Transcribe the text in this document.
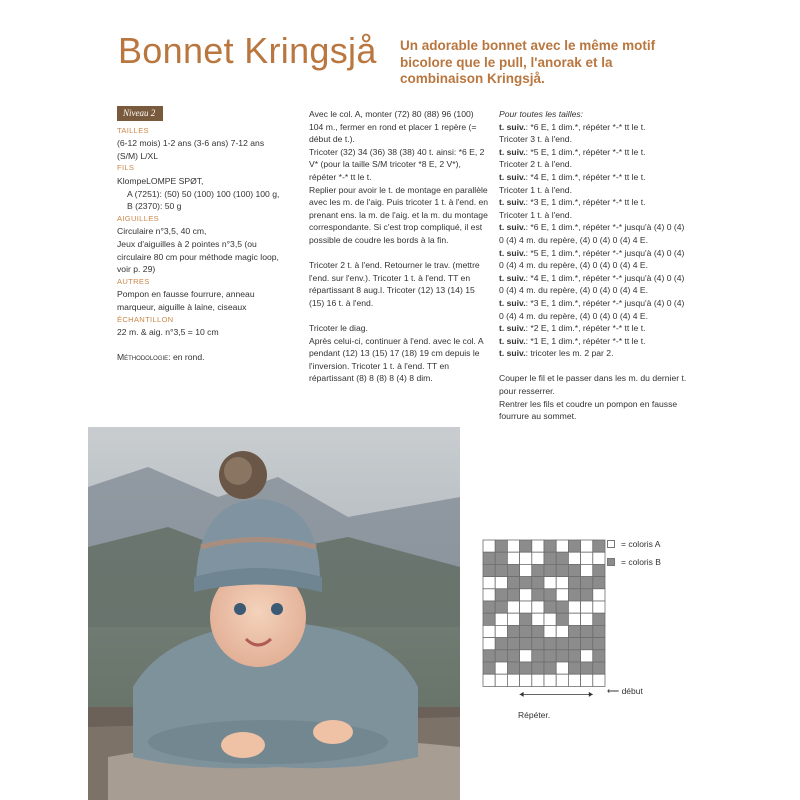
Bonnet Kringsjå Un adorable bonnet avec le même motif bicolore que le pull, l'anorak et la combinaison Kringsjå.
Niveau 2
TAILLES

(6-12 mois) 1-2 ans (3-6 ans) 7-12 ans (S/M) L/XL

FILS

KlompeLOMPE SPØT,

A (7251): (50) 50 (100) 100 (100) 100 g,

B (2370): 50 g

AIGUILLES

Circulaire n°3,5, 40 cm,

Jeux d'aiguilles à 2 pointes n°3,5 (ou circulaire 80 cm pour méthode magic loop, voir p. 29)

AUTRES

Pompon en fausse fourrure, anneau marqueur, aiguille à laine, ciseaux

ÉCHANTILLON

22 m. & aig. n°3,5 = 10 cm

Méthodologie: en rond.

Avec le col. A, monter (72) 80 (88) 96 (100) 104 m., fermer en rond et placer 1 repère (= début de t.).

Tricoter (32) 34 (36) 38 (38) 40 t. ainsi: *6 E, 2 V* (pour la taille S/M tricoter *8 E, 2 V*), répéter *-* tt le t.

Replier pour avoir le t. de montage en parallèle avec les m. de l'aig. Puis tricoter 1 t. à l'end. en prenant ens. la m. de l'aig. et la m. du montage correspondante. Si c'est trop compliqué, il est possible de coudre les bords à la fin.

Tricoter 2 t. à l'end. Retourner le trav. (mettre l'end. sur l'env.). Tricoter 1 t. à l'end. TT en répartissant 8 aug.l. Tricoter (12) 13 (14) 15 (15) 16 t. à l'end.

Tricoter le diag.

Après celui-ci, continuer à l'end. avec le col. A pendant (12) 13 (15) 17 (18) 19 cm depuis le l'inversion. Tricoter 1 t. à l'end. TT en répartissant (8) 8 (8) 8 (4) 8 dim.

Pour toutes les tailles:

t. suiv.: *6 E, 1 dim.*, répéter *-* tt le t.

Tricoter 3 t. à l'end.

t. suiv.: *5 E, 1 dim.*, répéter *-* tt le t.

Tricoter 2 t. à l'end.

t. suiv.: *4 E, 1 dim.*, répéter *-* tt le t.

Tricoter 1 t. à l'end.

t. suiv.: *3 E, 1 dim.*, répéter *-* tt le t.

Tricoter 1 t. à l'end.

t. suiv.: *6 E, 1 dim.*, répéter *-* jusqu'à (4) 0 (4) 0 (4) 4 m. du repère, (4) 0 (4) 0 (4) 4 E.

t. suiv.: *5 E, 1 dim.*, répéter *-* jusqu'à (4) 0 (4) 0 (4) 4 m. du repère, (4) 0 (4) 0 (4) 4 E.

t. suiv.: *4 E, 1 dim.*, répéter *-* jusqu'à (4) 0 (4) 0 (4) 4 m. du repère, (4) 0 (4) 0 (4) 4 E.

t. suiv.: *3 E, 1 dim.*, répéter *-* jusqu'à (4) 0 (4) 0 (4) 4 m. du repère, (4) 0 (4) 0 (4) 4 E.

t. suiv.: *2 E, 1 dim.*, répéter *-* tt le t.

t. suiv.: *1 E, 1 dim.*, répéter *-* tt le t.

t. suiv.: tricoter les m. 2 par 2.

Couper le fil et le passer dans les m. du dernier t. pour resserrer.

Rentrer les fils et coudre un pompon en fausse fourrure au sommet.

= coloris A
= coloris B
⟵ début
Répéter.
